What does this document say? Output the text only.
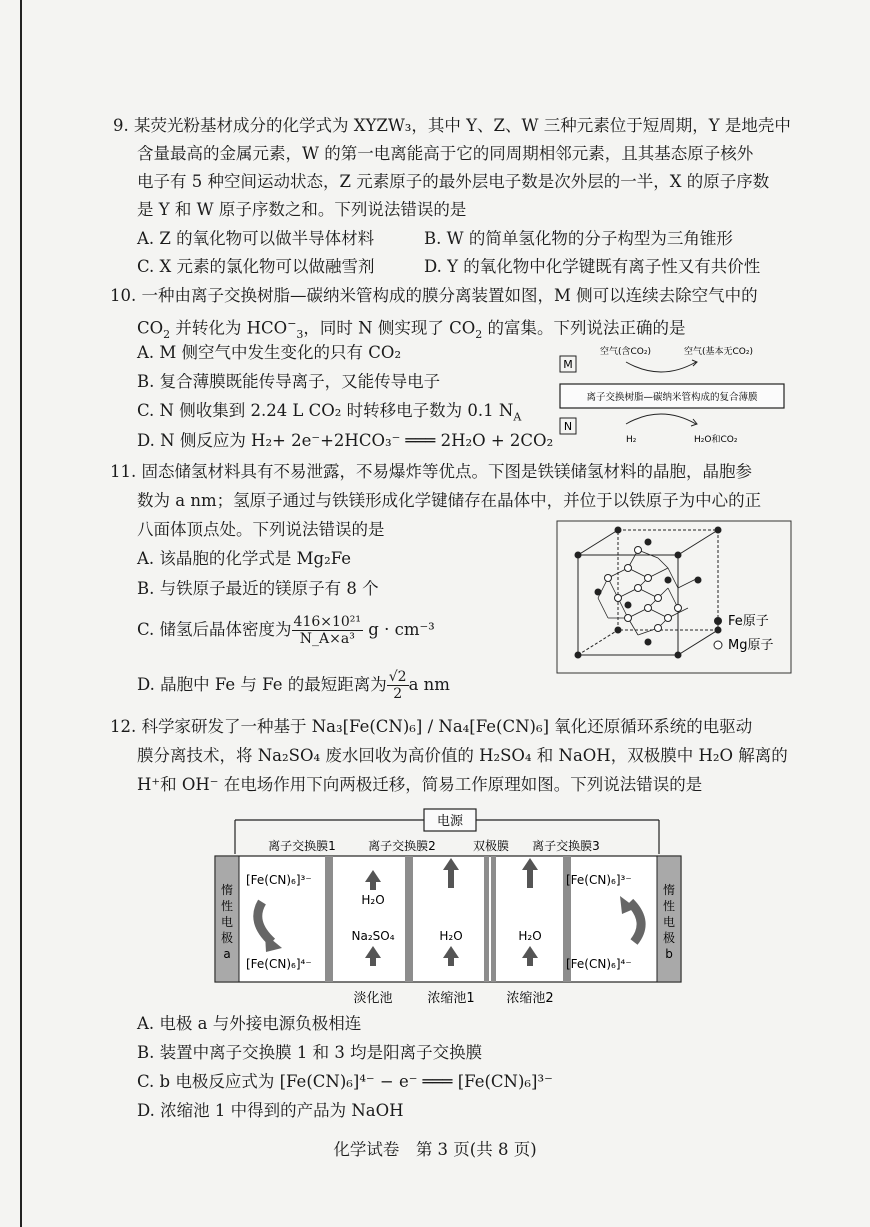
9. 某荧光粉基材成分的化学式为 XYZW₃，其中 Y、Z、W 三种元素位于短周期，Y 是地壳中
含量最高的金属元素，W 的第一电离能高于它的同周期相邻元素，且其基态原子核外
电子有 5 种空间运动状态，Z 元素原子的最外层电子数是次外层的一半，X 的原子序数
是 Y 和 W 原子序数之和。下列说法错误的是
A. Z 的氧化物可以做半导体材料	B. W 的简单氢化物的分子构型为三角锥形
C. X 元素的氯化物可以做融雪剂	D. Y 的氧化物中化学键既有离子性又有共价性
10. 一种由离子交换树脂—碳纳米管构成的膜分离装置如图，M 侧可以连续去除空气中的
$CO_2$ 并转化为 $HCO^-_3$，同时 N 侧实现了 $CO_2$ 的富集。下列说法正确的是
A. M 侧空气中发生变化的只有 CO₂
B. 复合薄膜既能传导离子，又能传导电子
C. N 侧收集到 2.24 L CO₂ 时转移电子数为 0.1 $N_A$
D. N 侧反应为 H₂+ 2e⁻+2HCO₃⁻ ═══ 2H₂O + 2CO₂
M
空气(含CO₂)	空气(基本无CO₂)
离子交换树脂—碳纳米管构成的复合薄膜
N
H₂	H₂O和CO₂
11. 固态储氢材料具有不易泄露，不易爆炸等优点。下图是铁镁储氢材料的晶胞，晶胞参
数为 a nm；氢原子通过与铁镁形成化学键储存在晶体中，并位于以铁原子为中心的正
八面体顶点处。下列说法错误的是
A. 该晶胞的化学式是 Mg₂Fe
B. 与铁原子最近的镁原子有 8 个
C. 储氢后晶体密度为 $\frac{\text{416×10²¹}}{\text{N\_A×a³}}$ g · cm⁻³
D. 晶胞中 Fe 与 Fe 的最短距离为 $\frac{√2}{2}$ a nm
Fe原子
Mg原子
12. 科学家研发了一种基于 Na₃[Fe(CN)₆] / Na₄[Fe(CN)₆] 氧化还原循环系统的电驱动
膜分离技术，将 Na₂SO₄ 废水回收为高价值的 H₂SO₄ 和 NaOH，双极膜中 H₂O 解离的
H⁺和 OH⁻ 在电场作用下向两极迁移，简易工作原理如图。下列说法错误的是
电源
离子交换膜1	离子交换膜2	双极膜 离子交换膜3
惰
性
电
极
a
惰
性
电
极
b
[Fe(CN)₆]³⁻
[Fe(CN)₆]⁴⁻
[Fe(CN)₆]³⁻
[Fe(CN)₆]⁴⁻
H₂O
Na₂SO₄	H₂O	H₂O
淡化池	浓缩池1 浓缩池2
A. 电极 a 与外接电源负极相连
B. 装置中离子交换膜 1 和 3 均是阳离子交换膜
C. b 电极反应式为 [Fe(CN)₆]⁴⁻ − e⁻ ═══ [Fe(CN)₆]³⁻
D. 浓缩池 1 中得到的产品为 NaOH
化学试卷　第 3 页(共 8 页)
